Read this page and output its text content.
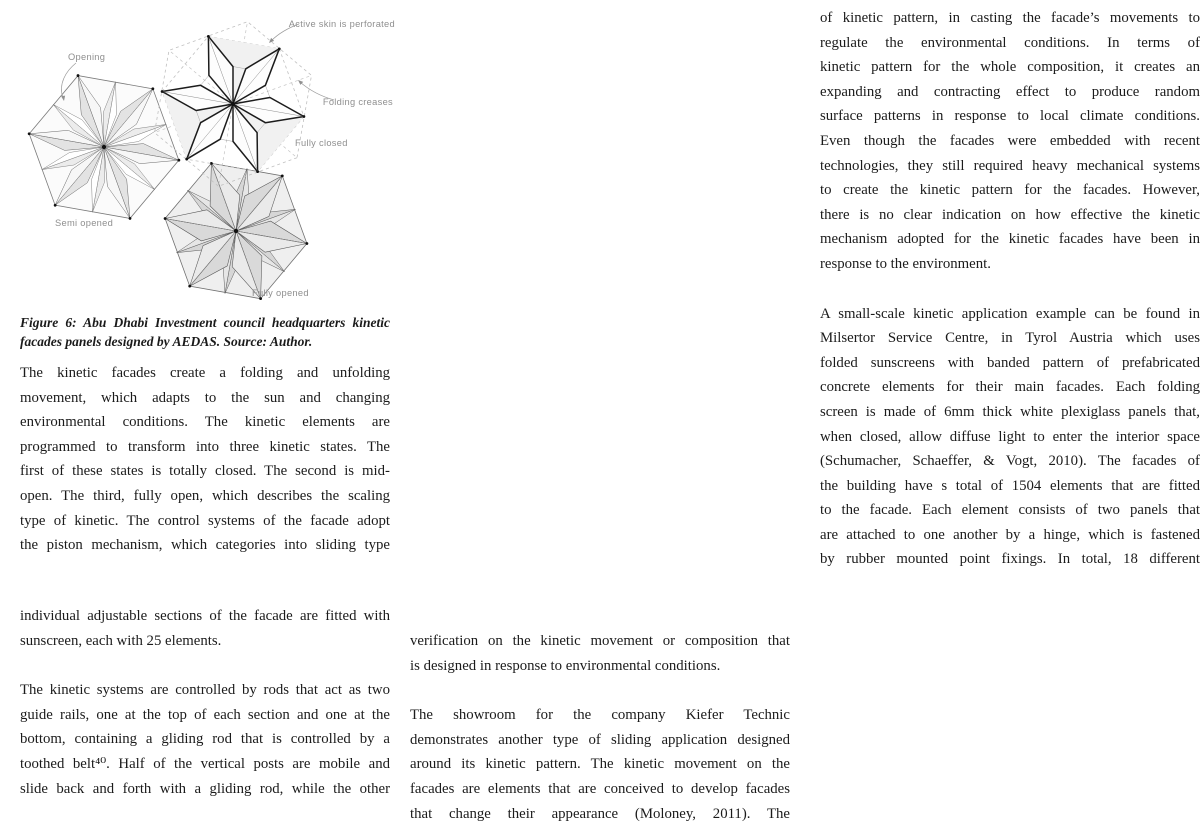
Opening
Active skin is perforated
Folding creases
Fully closed
Semi opened
Fully opened
Figure 6: Abu Dhabi Investment council headquarters kinetic
facades panels designed by AEDAS. Source: Author.
The kinetic facades create a folding and unfolding
movement, which adapts to the sun and changing
environmental conditions. The kinetic elements are
programmed to transform into three kinetic states. The
first of these states is totally closed. The second is mid-
open. The third, fully open, which describes the scaling
type of kinetic. The control systems of the facade adopt
the piston mechanism, which categories into sliding type
of kinetic pattern, in casting the facade’s movements to
regulate the environmental conditions. In terms of
kinetic pattern for the whole composition, it creates an
expanding and contracting effect to produce random
surface patterns in response to local climate conditions.
Even though the facades were embedded with recent
technologies, they still required heavy mechanical systems
to create the kinetic pattern for the facades. However,
there is no clear indication on how effective the kinetic
mechanism adopted for the kinetic facades have been in
response to the environment.
A small-scale kinetic application example can be found in
Milsertor Service Centre, in Tyrol Austria which uses
folded sunscreens with banded pattern of prefabricated
concrete elements for their main facades. Each folding
screen is made of 6mm thick white plexiglass panels that,
when closed, allow diffuse light to enter the interior space
(Schumacher, Schaeffer, & Vogt, 2010). The facades of
the building have s total of 1504 elements that are fitted
to the facade. Each element consists of two panels that
are attached to one another by a hinge, which is fastened
by rubber mounted point fixings. In total, 18 different
individual adjustable sections of the facade are fitted with
sunscreen, each with 25 elements.
The kinetic systems are controlled by rods that act as two
guide rails, one at the top of each section and one at the
bottom, containing a gliding rod that is controlled by a
toothed belt⁴⁰. Half of the vertical posts are mobile and
slide back and forth with a gliding rod, while the other
verification on the kinetic movement or composition that
is designed in response to environmental conditions.
The showroom for the company Kiefer Technic
demonstrates another type of sliding application designed
around its kinetic pattern. The kinetic movement on the
facades are elements that are conceived to develop facades
that change their appearance (Moloney, 2011). The
